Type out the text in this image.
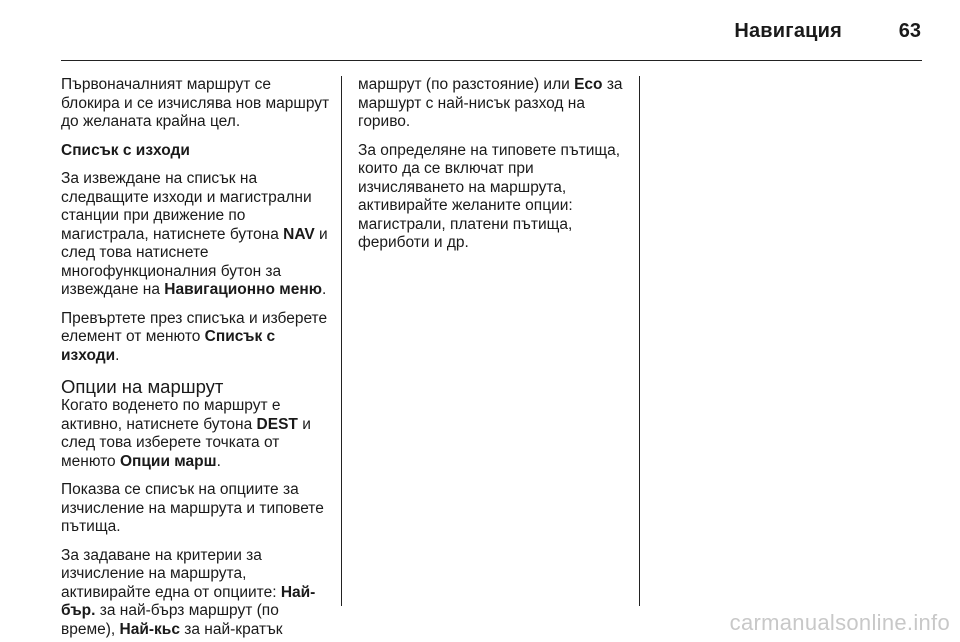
Навигация	63

Първоначалният маршрут се блокира и се изчислява нов маршрут до желаната крайна цел.

Списък с изходи

За извеждане на списък на следващите изходи и магистрални станции при движение по магистрала, натиснете бутона NAV и след това натиснете многофункционалния бутон за извеждане на Навигационно меню.

Превъртете през списъка и изберете елемент от менюто Списък с изходи.

Опции на маршрут

Когато воденето по маршрут е активно, натиснете бутона DEST и след това изберете точката от менюто Опции марш.

Показва се списък на опциите за изчисление на маршрута и типовете пътища.

За задаване на критерии за изчисление на маршрута, активирайте една от опциите: Най-бър. за най-бърз маршрут (по време), Най-кьс за най-кратък

маршрут (по разстояние) или Eco за маршурт с най-нисък разход на гориво.

За определяне на типовете пътища, които да се включат при изчисляването на маршрута, активирайте желаните опции: магистрали, платени пътища, фериботи и др.

carmanualsonline.info
